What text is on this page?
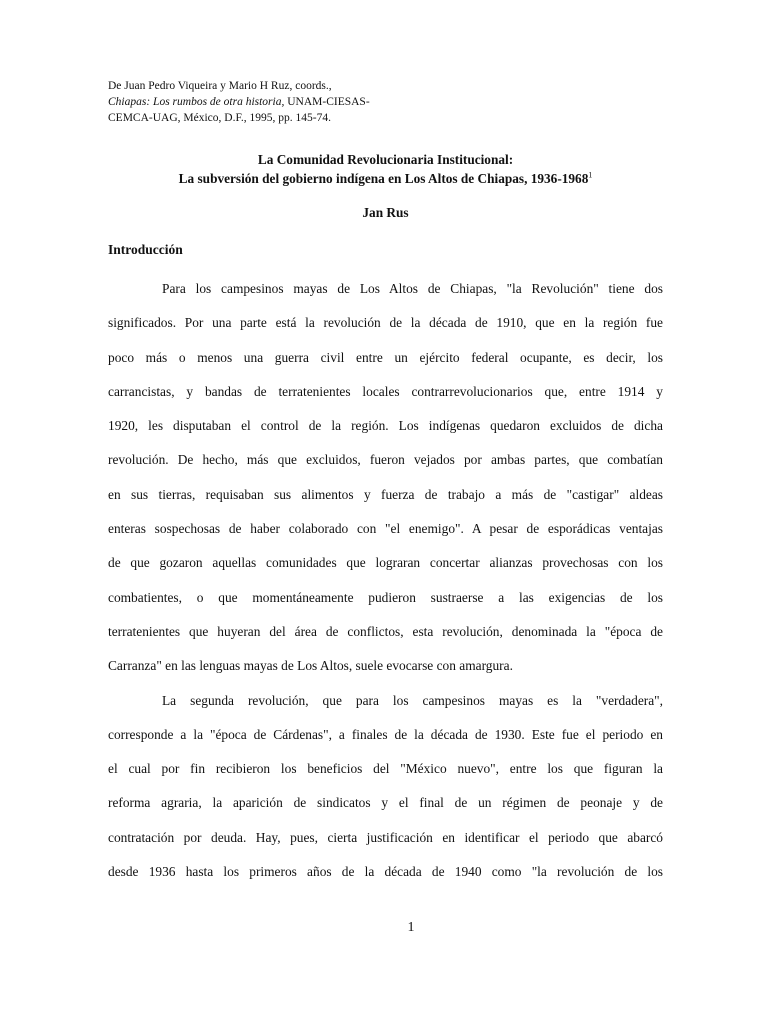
De Juan Pedro Viqueira y Mario H Ruz, coords.,
Chiapas: Los rumbos de otra historia, UNAM-CIESAS-
CEMCA-UAG, México, D.F., 1995, pp. 145-74.
La Comunidad Revolucionaria Institucional:
La subversión del gobierno indígena en Los Altos de Chiapas, 1936-1968$^1$
Jan Rus
Introducción
Para los campesinos mayas de Los Altos de Chiapas, "la Revolución" tiene dos
significados. Por una parte está la revolución de la década de 1910, que en la región fue
poco más o menos una guerra civil entre un ejército federal ocupante, es decir, los
carrancistas, y bandas de terratenientes locales contrarrevolucionarios que, entre 1914 y
1920, les disputaban el control de la región. Los indígenas quedaron excluidos de dicha
revolución. De hecho, más que excluidos, fueron vejados por ambas partes, que combatían
en sus tierras, requisaban sus alimentos y fuerza de trabajo a más de "castigar" aldeas
enteras sospechosas de haber colaborado con "el enemigo". A pesar de esporádicas ventajas
de que gozaron aquellas comunidades que lograran concertar alianzas provechosas con los
combatientes, o que momentáneamente pudieron sustraerse a las exigencias de los
terratenientes que huyeran del área de conflictos, esta revolución, denominada la "época de
Carranza" en las lenguas mayas de Los Altos, suele evocarse con amargura.
La segunda revolución, que para los campesinos mayas es la "verdadera",
corresponde a la "época de Cárdenas", a finales de la década de 1930. Este fue el periodo en
el cual por fin recibieron los beneficios del "México nuevo", entre los que figuran la
reforma agraria, la aparición de sindicatos y el final de un régimen de peonaje y de
contratación por deuda. Hay, pues, cierta justificación en identificar el periodo que abarcó
desde 1936 hasta los primeros años de la década de 1940 como "la revolución de los
1
